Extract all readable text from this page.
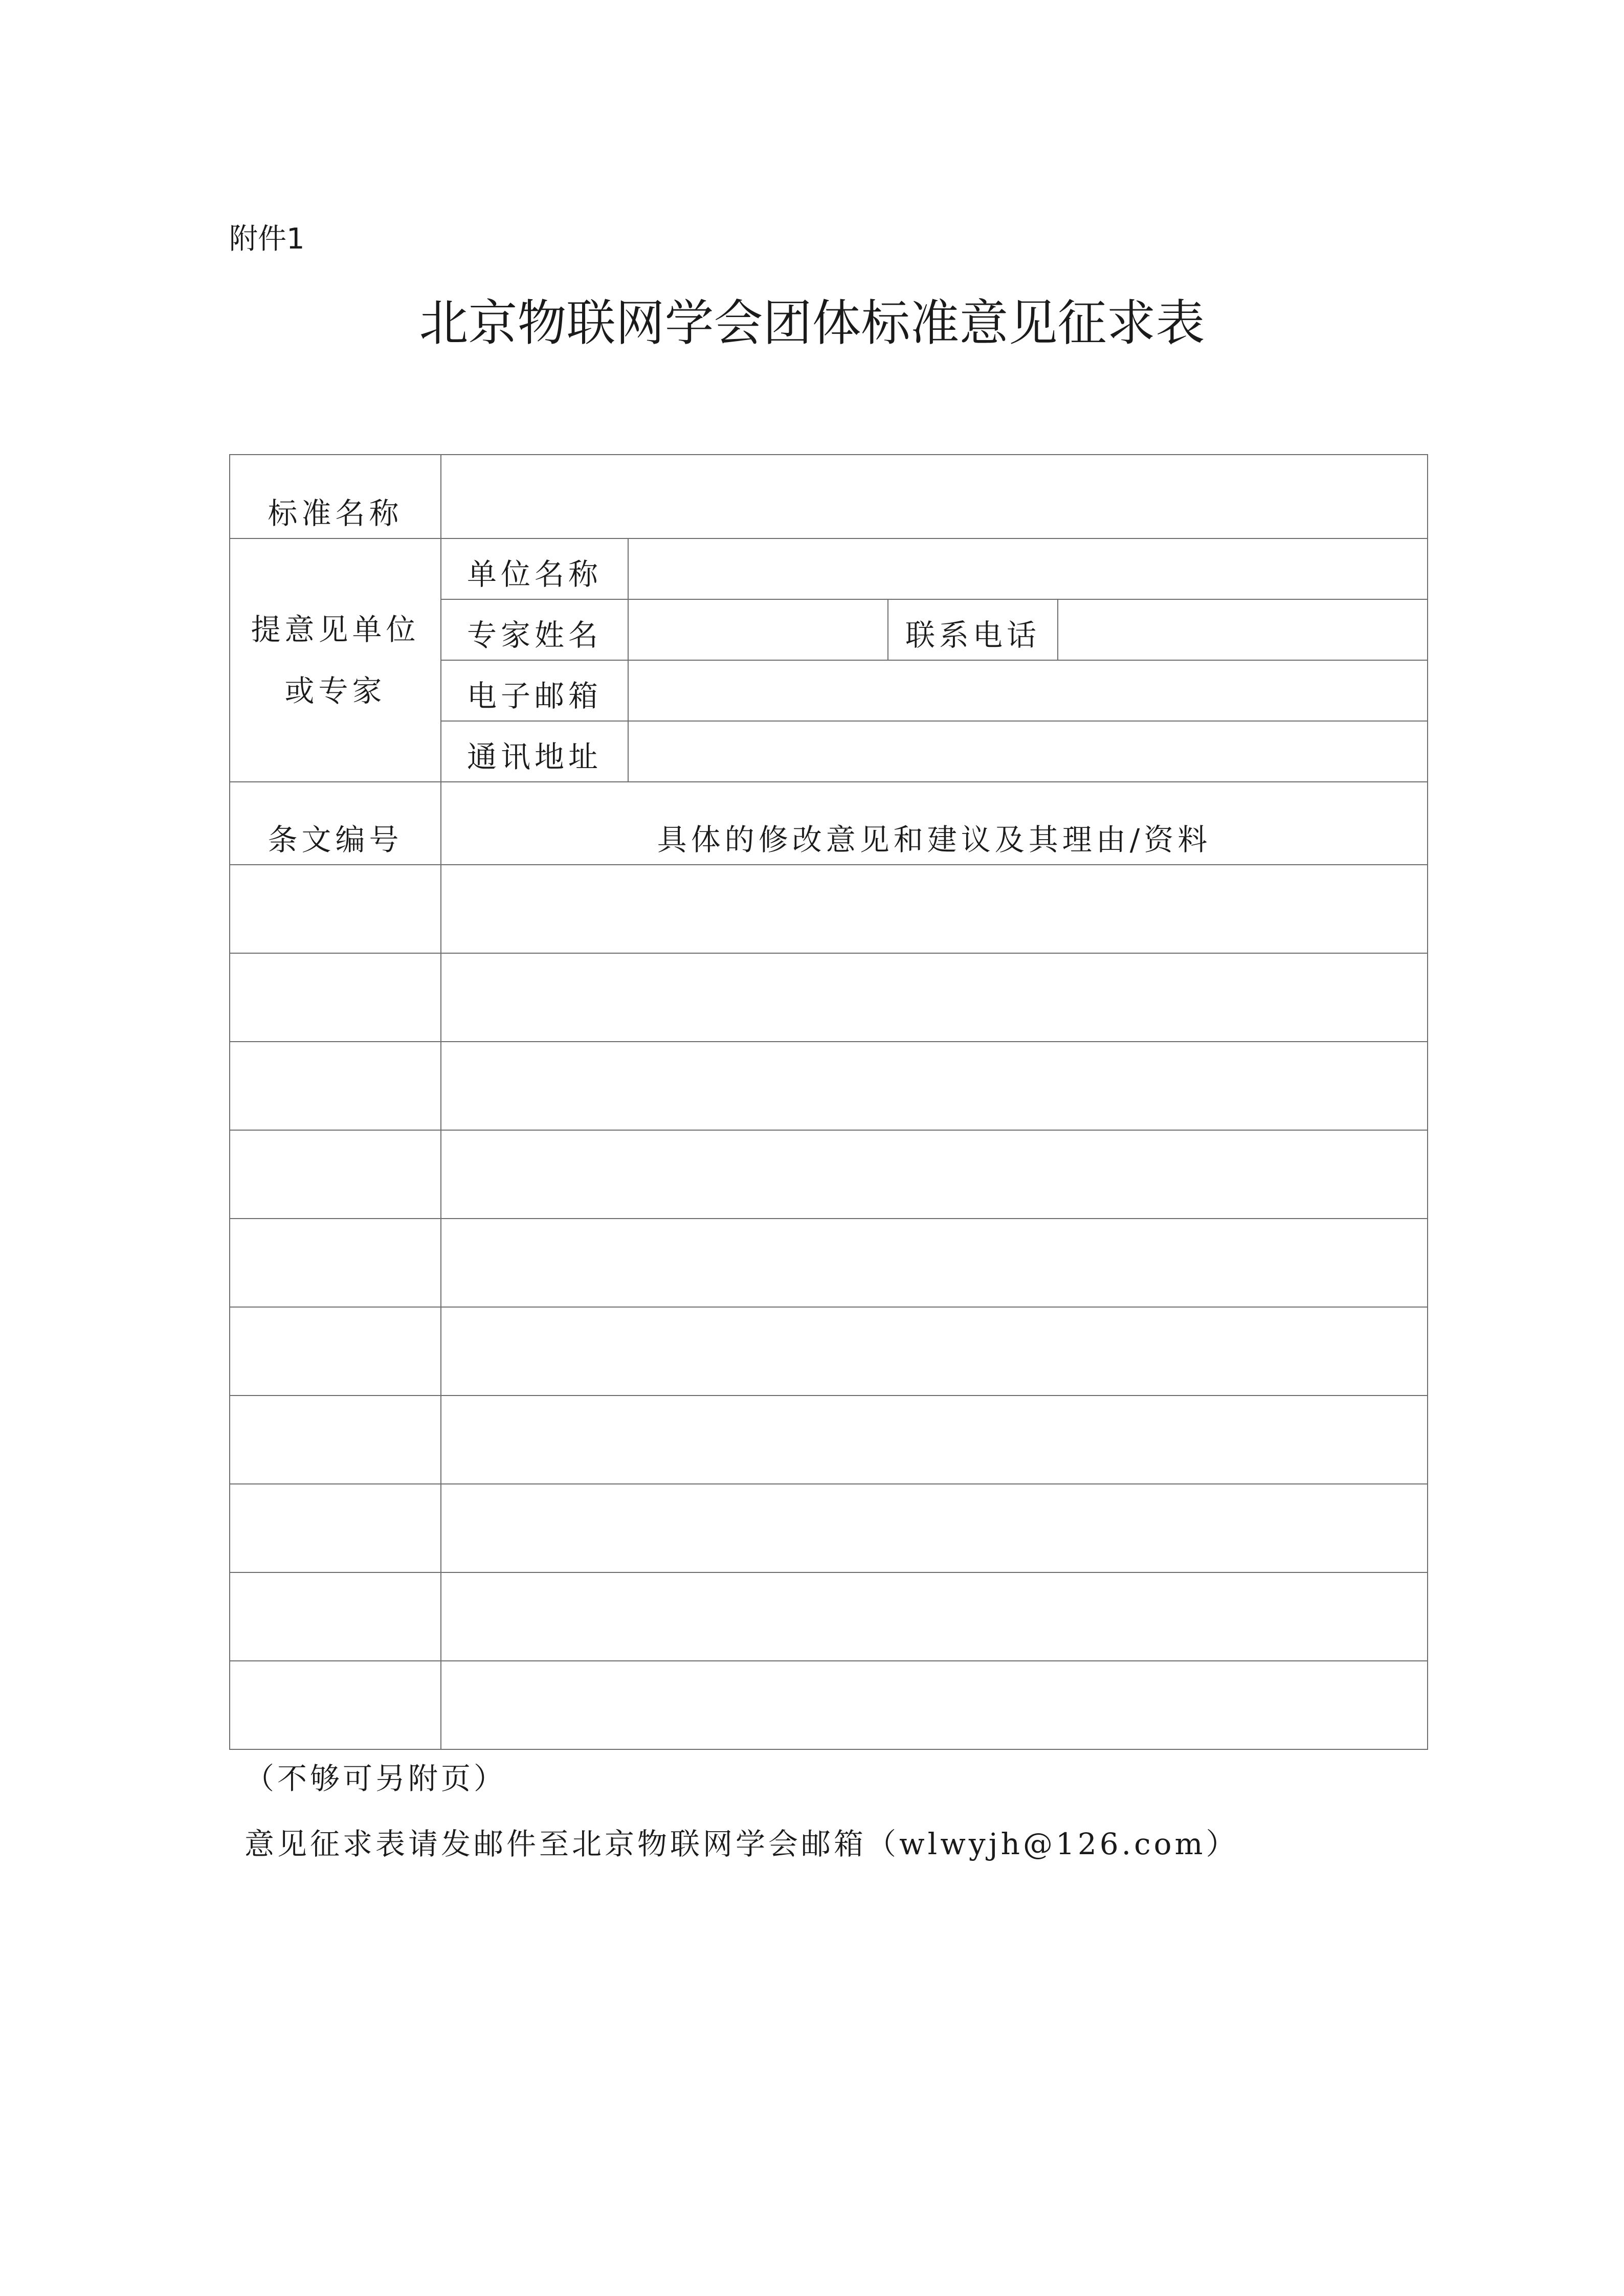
附件1
北京物联网学会团体标准意见征求表
标准名称				

提意见单位
或专家	单位名称			

	专家姓名		联系电话	

	电子邮箱			

	通讯地址			

条文编号	具体的修改意见和建议及其理由/资料			

（不够可另附页）
意见征求表请发邮件至北京物联网学会邮箱（wlwyjh@126.com）
